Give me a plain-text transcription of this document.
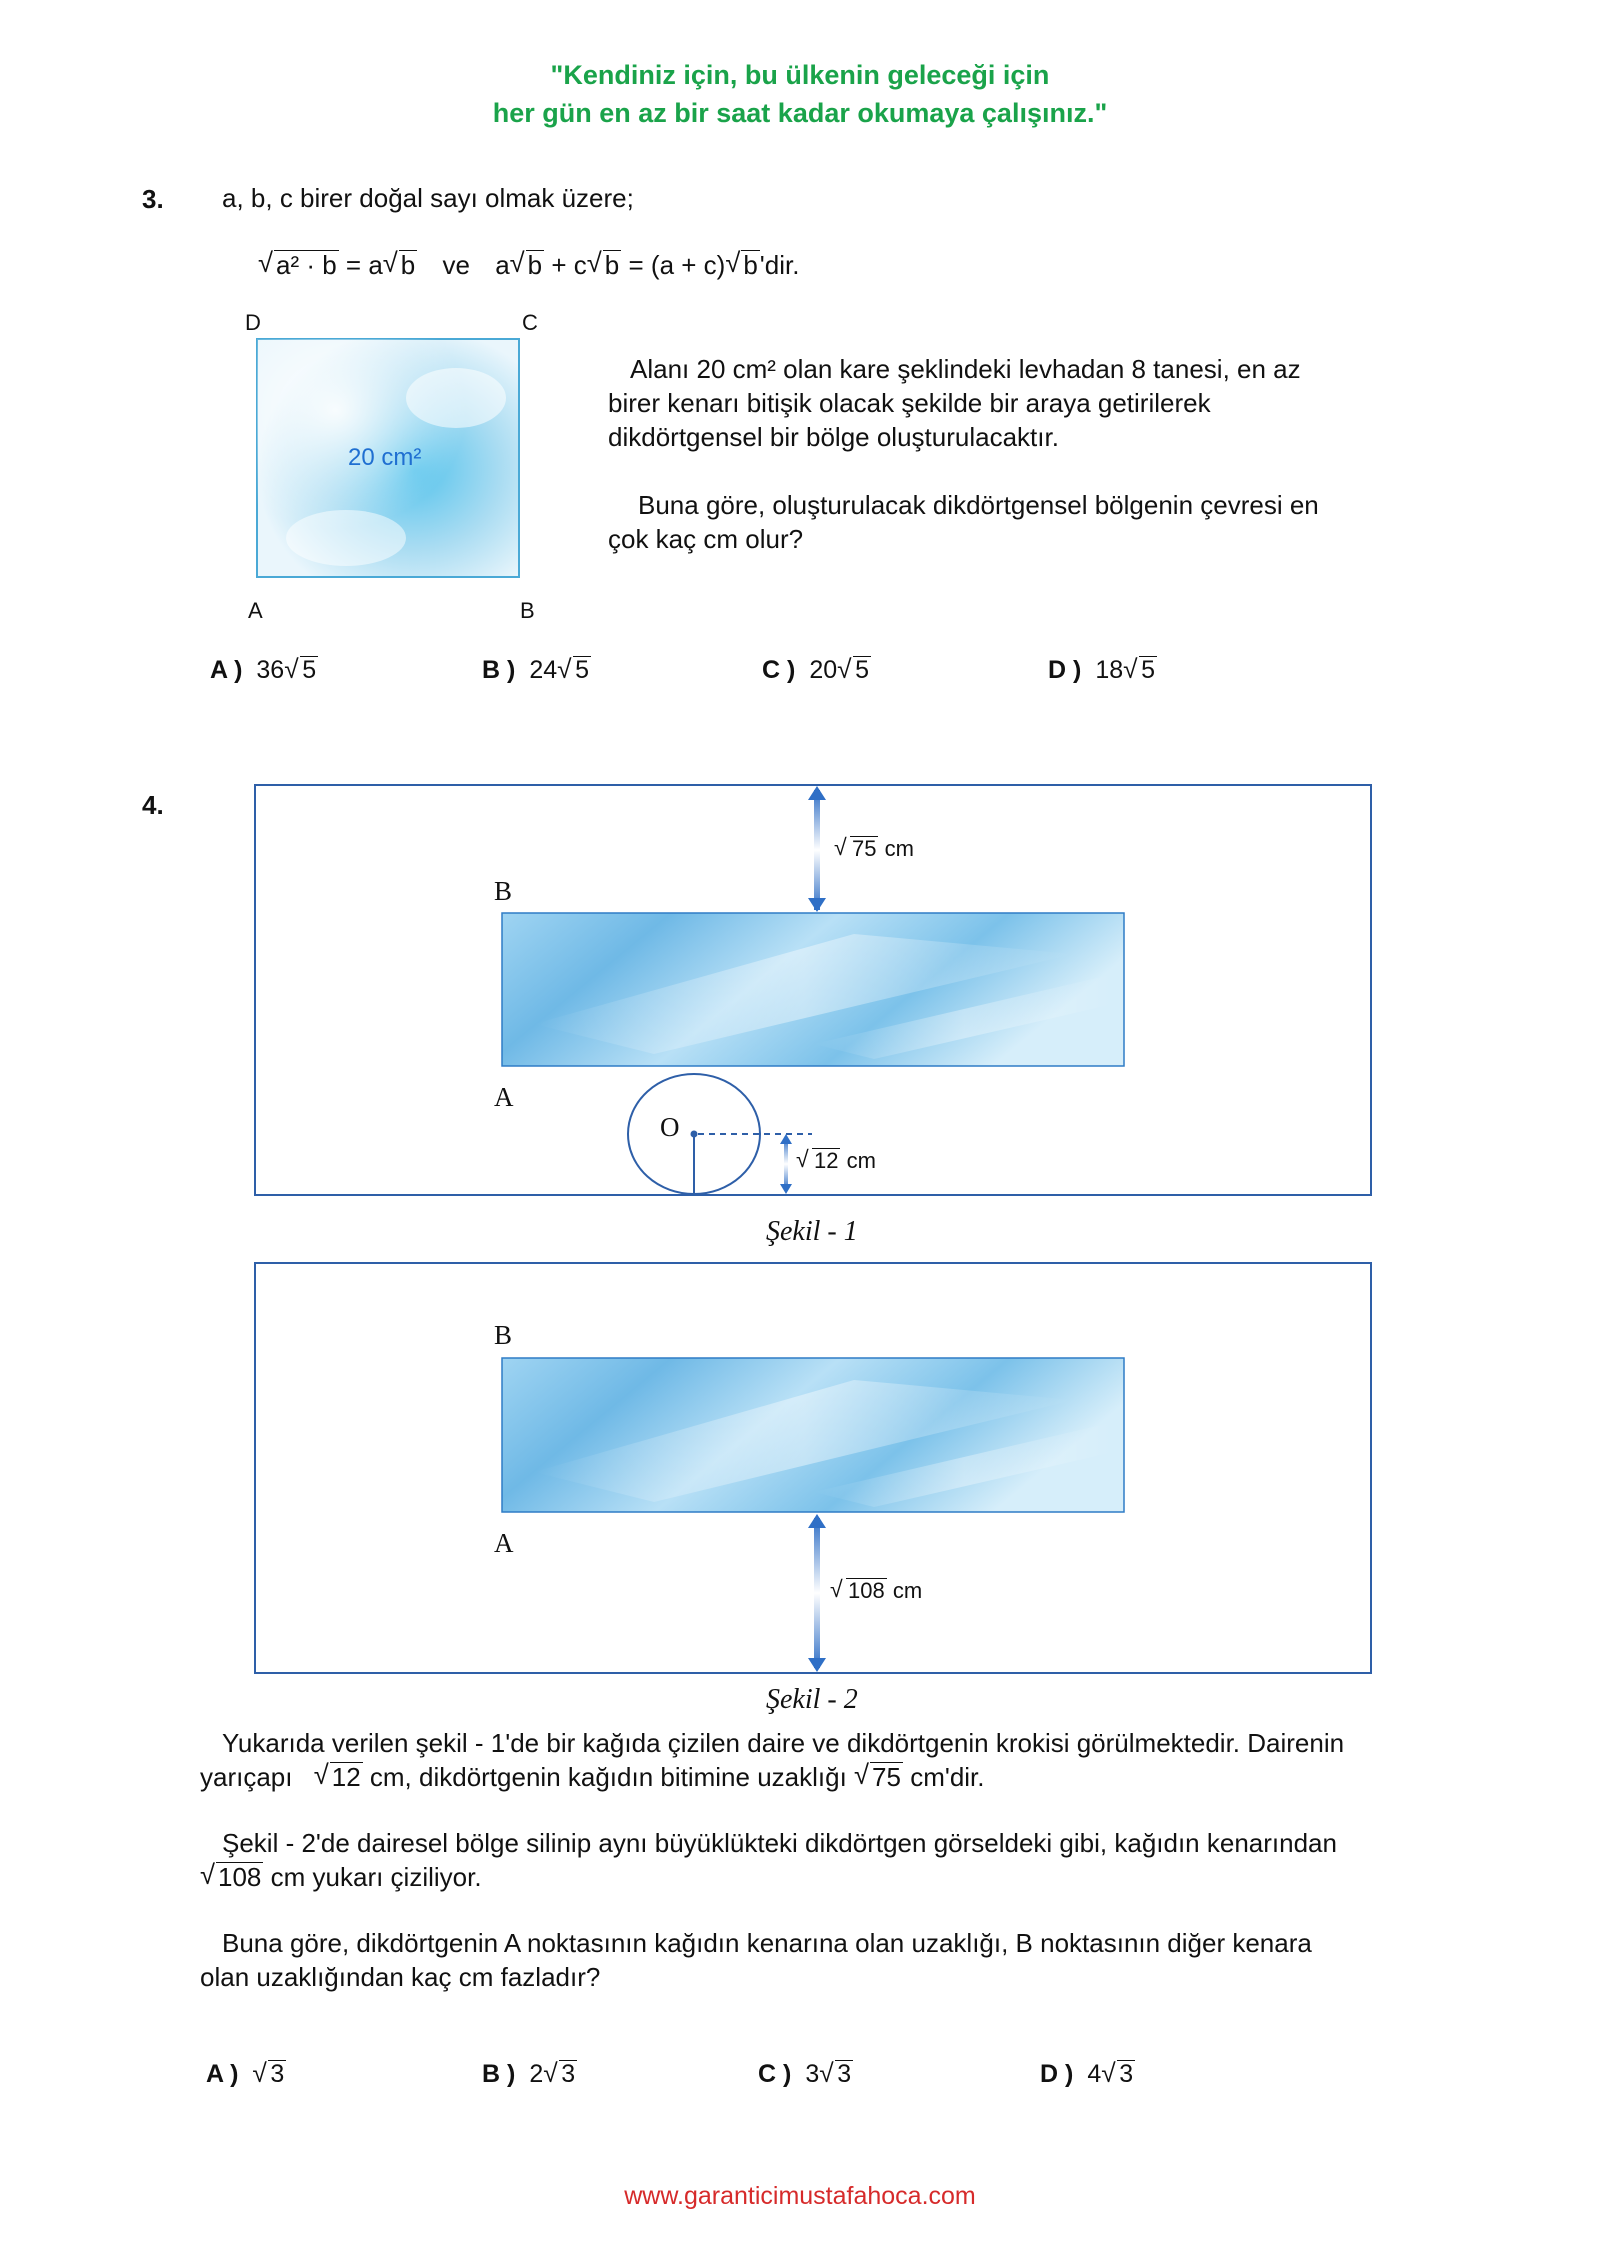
"Kendiniz için, bu ülkenin geleceği için
her gün en az bir saat kadar okumaya çalışınız."
3. a, b, c birer doğal sayı olmak üzere;
√ a² · b = a √ b ve a √ b + c √ b = (a + c) √ b'dir.
D	C
A	B
20 cm²
Alanı 20 cm² olan kare şeklindeki levhadan 8 tanesi, en az birer kenarı bitişik olacak şekilde bir araya getirilerek dikdörtgensel bir bölge oluşturulacaktır.
Buna göre, oluşturulacak dikdörtgensel bölgenin çevresi en çok kaç cm olur?
A ) 36 √ 5	B ) 24 √ 5	C ) 20 √ 5	D ) 18 √ 5
4.
B
A
O
√ 75 cm
√ 12 cm
Şekil - 1
B
A
√ 108 cm
Şekil - 2
Yukarıda verilen şekil - 1'de bir kağıda çizilen daire ve dikdörtgenin krokisi görülmektedir. Dairenin
yarıçapı √ 12 cm, dikdörtgenin kağıdın bitimine uzaklığı √ 75 cm'dir.
Şekil - 2'de dairesel bölge silinip aynı büyüklükteki dikdörtgen görseldeki gibi, kağıdın kenarından
√ 108 cm yukarı çiziliyor.
Buna göre, dikdörtgenin A noktasının kağıdın kenarına olan uzaklığı, B noktasının diğer kenara
olan uzaklığından kaç cm fazladır?
A ) √ 3	B ) 2 √ 3	C ) 3 √ 3	D ) 4 √ 3
www.garanticimustafahoca.com
